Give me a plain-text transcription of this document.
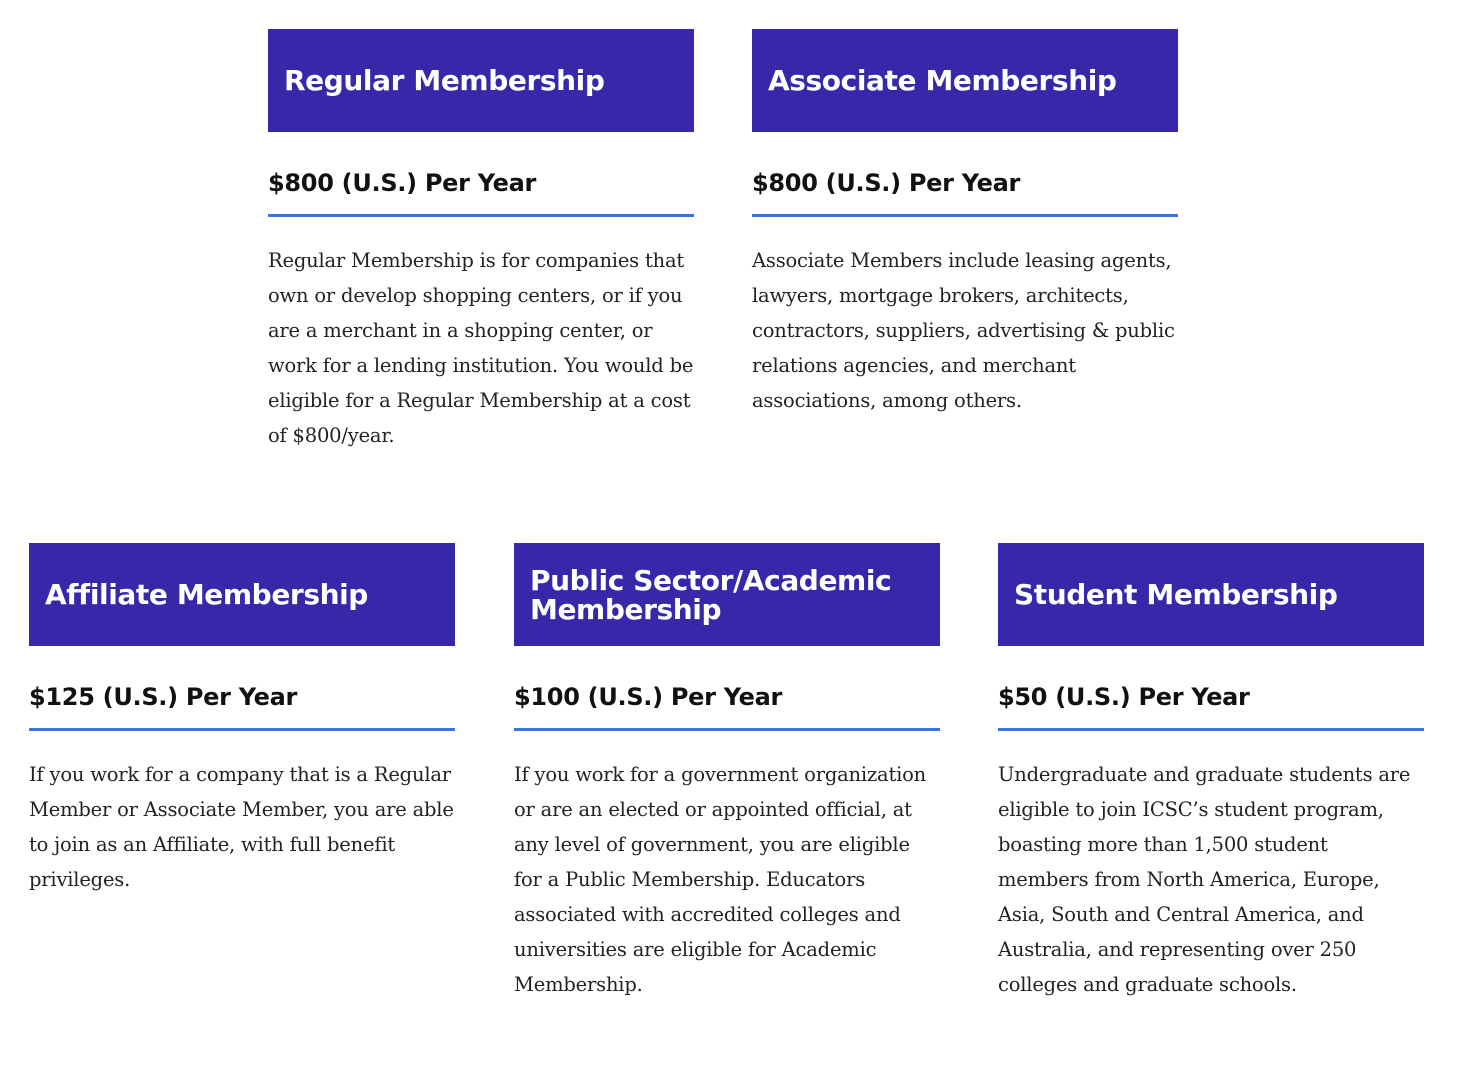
Regular Membership
$800 (U.S.) Per Year
Regular Membership is for companies that own or develop shopping centers, or if you are a merchant in a shopping center, or work for a lending institution. You would be eligible for a Regular Membership at a cost of $800/year.
Associate Membership
$800 (U.S.) Per Year
Associate Members include leasing agents, lawyers, mortgage brokers, architects, contractors, suppliers, advertising & public relations agencies, and merchant associations, among others.
Affiliate Membership
$125 (U.S.) Per Year
If you work for a company that is a Regular Member or Associate Member, you are able to join as an Affiliate, with full benefit privileges.
Public Sector/Academic Membership
$100 (U.S.) Per Year
If you work for a government organization or are an elected or appointed official, at any level of government, you are eligible for a Public Membership. Educators associated with accredited colleges and universities are eligible for Academic Membership.
Student Membership
$50 (U.S.) Per Year
Undergraduate and graduate students are eligible to join ICSC’s student program, boasting more than 1,500 student members from North America, Europe, Asia, South and Central America, and Australia, and representing over 250 colleges and graduate schools.
